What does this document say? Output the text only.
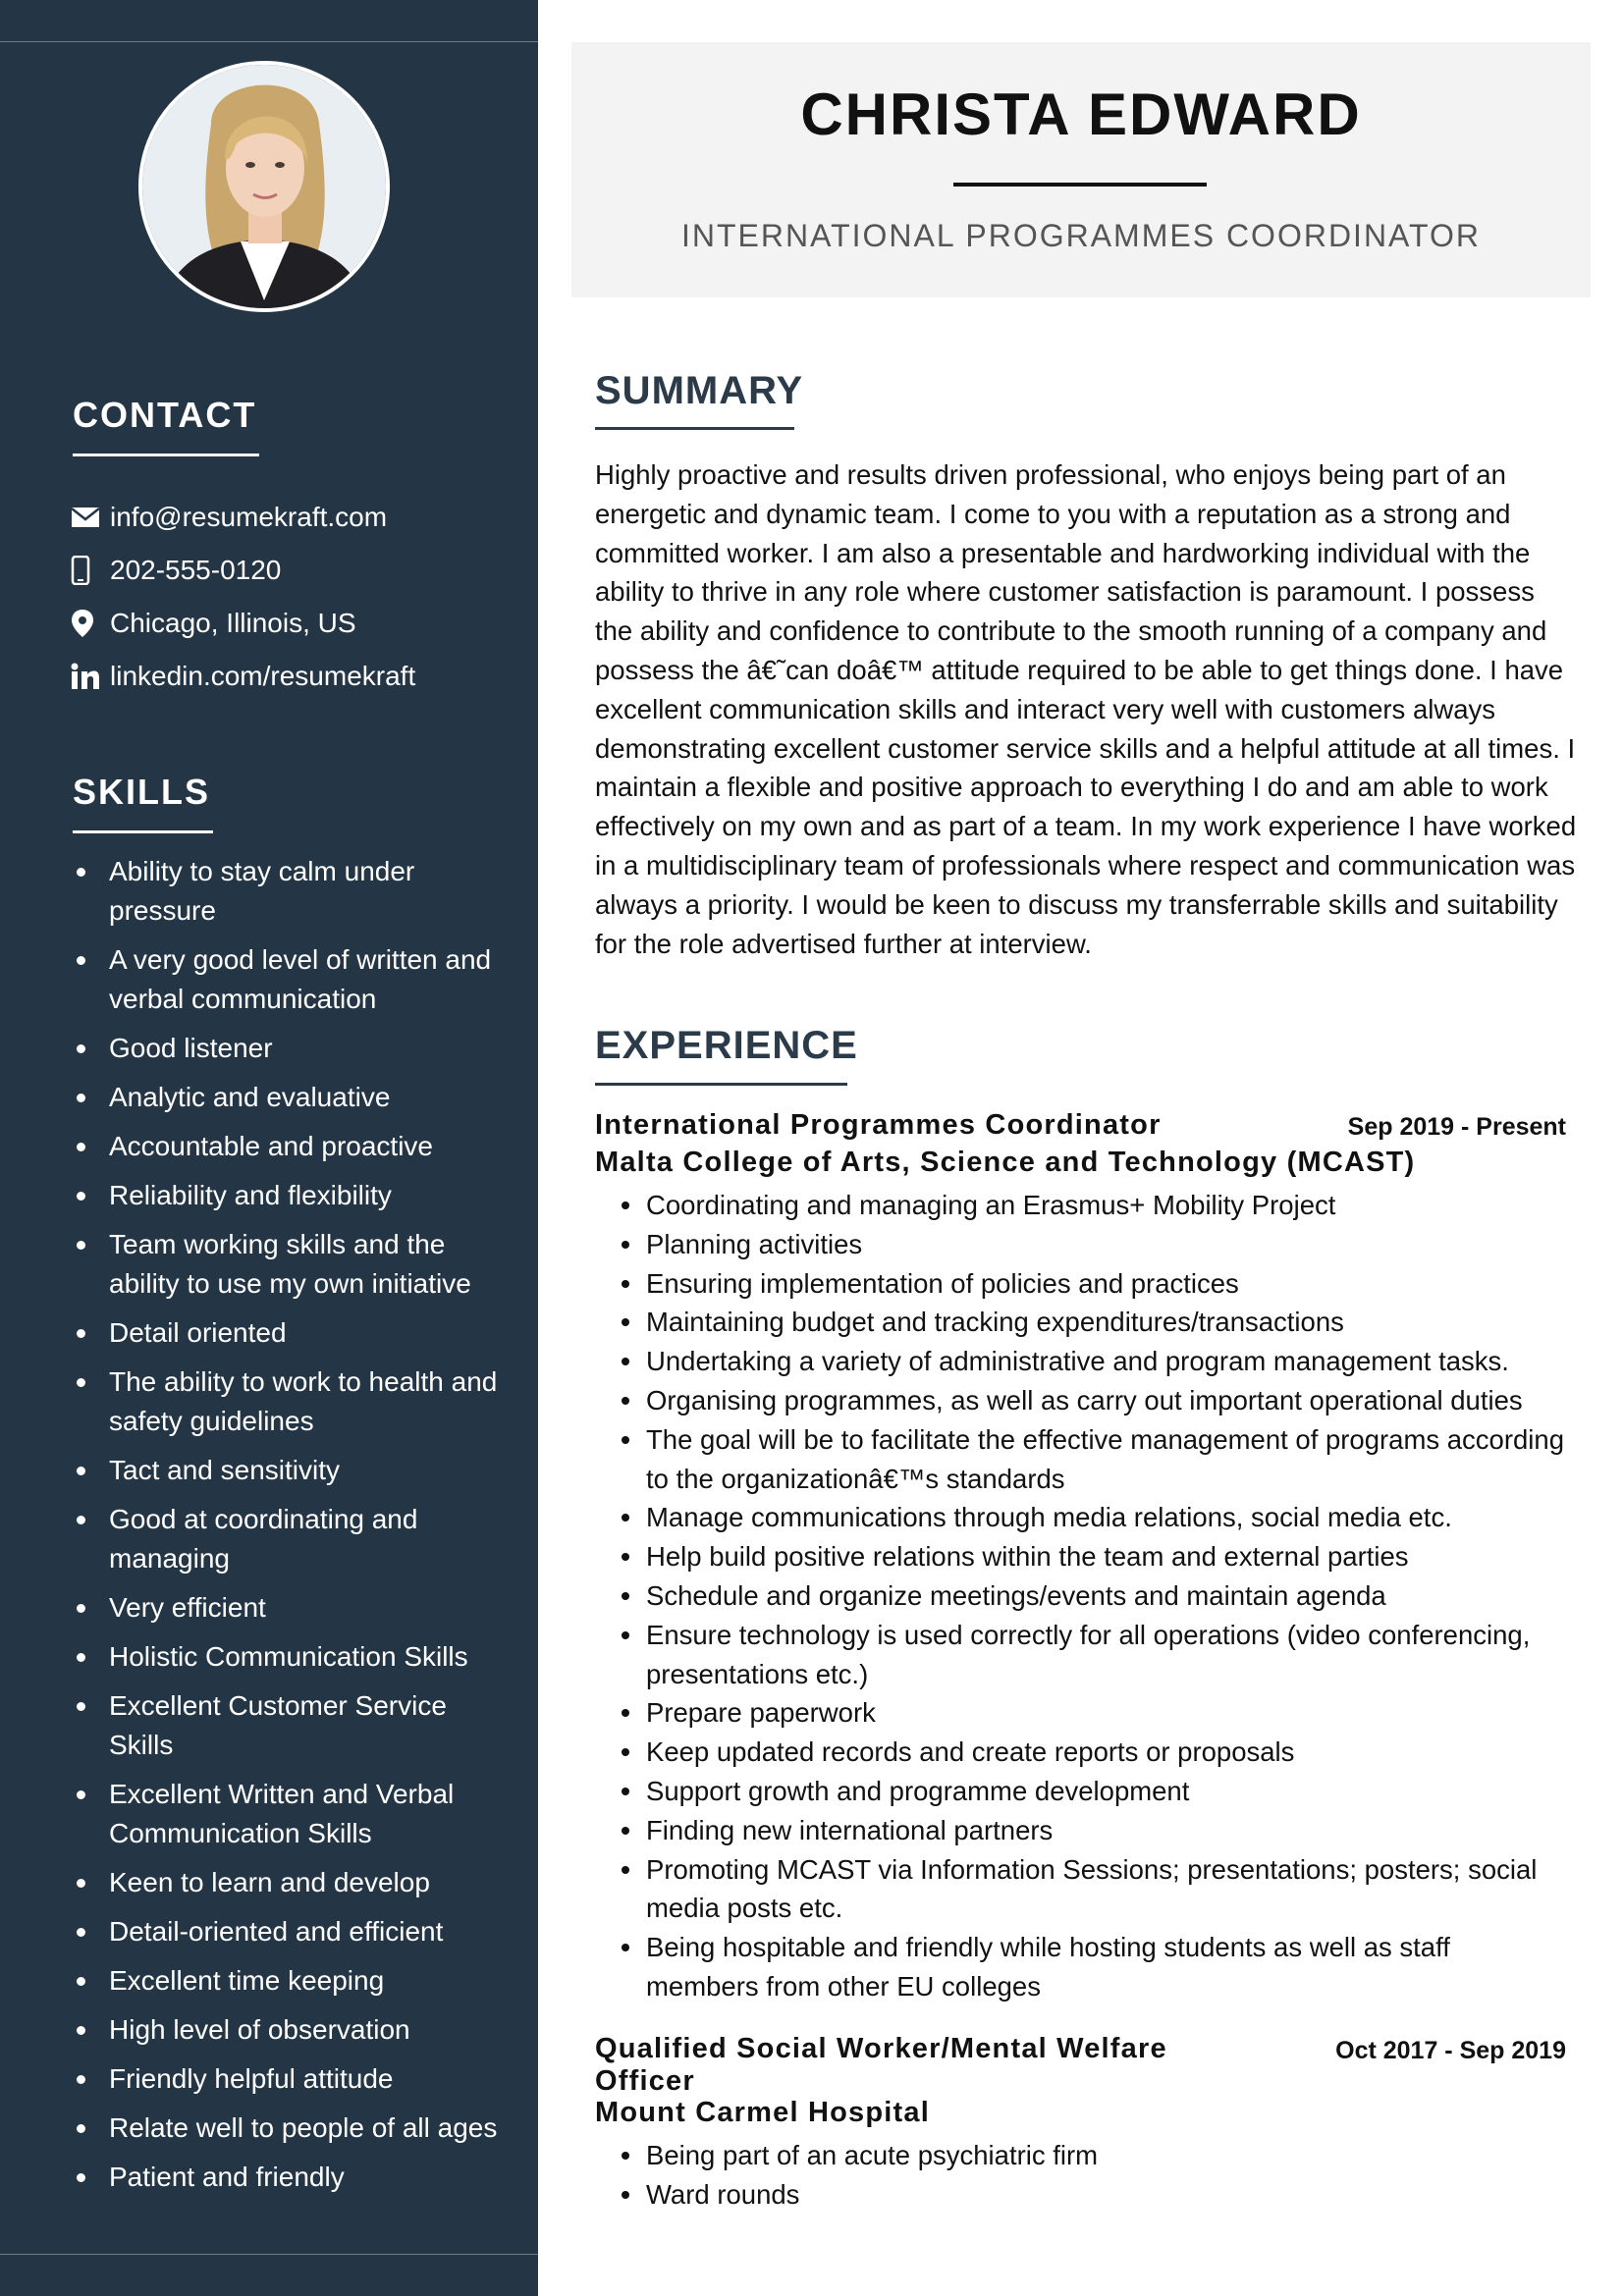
CONTACT
info@resumekraft.com
202-555-0120
Chicago, Illinois, US
linkedin.com/resumekraft
SKILLS
Ability to stay calm under pressure
A very good level of written and verbal communication
Good listener
Analytic and evaluative
Accountable and proactive
Reliability and flexibility
Team working skills and the ability to use my own initiative
Detail oriented
The ability to work to health and safety guidelines
Tact and sensitivity
Good at coordinating and managing
Very efficient
Holistic Communication Skills
Excellent Customer Service Skills
Excellent Written and Verbal Communication Skills
Keen to learn and develop
Detail-oriented and efficient
Excellent time keeping
High level of observation
Friendly helpful attitude
Relate well to people of all ages
Patient and friendly
CHRISTA EDWARD

INTERNATIONAL PROGRAMMES COORDINATOR

SUMMARY

Highly proactive and results driven professional, who enjoys being part of an energetic and dynamic team. I come to you with a reputation as a strong and committed worker. I am also a presentable and hardworking individual with the ability to thrive in any role where customer satisfaction is paramount. I possess the ability and confidence to contribute to the smooth running of a company and possess the â€˜can doâ€™ attitude required to be able to get things done. I have excellent communication skills and interact very well with customers always demonstrating excellent customer service skills and a helpful attitude at all times. I maintain a flexible and positive approach to everything I do and am able to work effectively on my own and as part of a team. In my work experience I have worked in a multidisciplinary team of professionals where respect and communication was always a priority. I would be keen to discuss my transferrable skills and suitability for the role advertised further at interview.

EXPERIENCE

International Programmes Coordinator	Sep 2019 - Present

Malta College of Arts, Science and Technology (MCAST)

Coordinating and managing an Erasmus+ Mobility Project
Planning activities
Ensuring implementation of policies and practices
Maintaining budget and tracking expenditures/transactions
Undertaking a variety of administrative and program management tasks.
Organising programmes, as well as carry out important operational duties
The goal will be to facilitate the effective management of programs according to the organizationâ€™s standards
Manage communications through media relations, social media etc.
Help build positive relations within the team and external parties
Schedule and organize meetings/events and maintain agenda
Ensure technology is used correctly for all operations (video conferencing, presentations etc.)
Prepare paperwork
Keep updated records and create reports or proposals
Support growth and programme development
Finding new international partners
Promoting MCAST via Information Sessions; presentations; posters; social media posts etc.
Being hospitable and friendly while hosting students as well as staff members from other EU colleges

Qualified Social Worker/Mental Welfare Officer

Oct 2017 - Sep 2019

Mount Carmel Hospital

Being part of an acute psychiatric firm
Ward rounds
